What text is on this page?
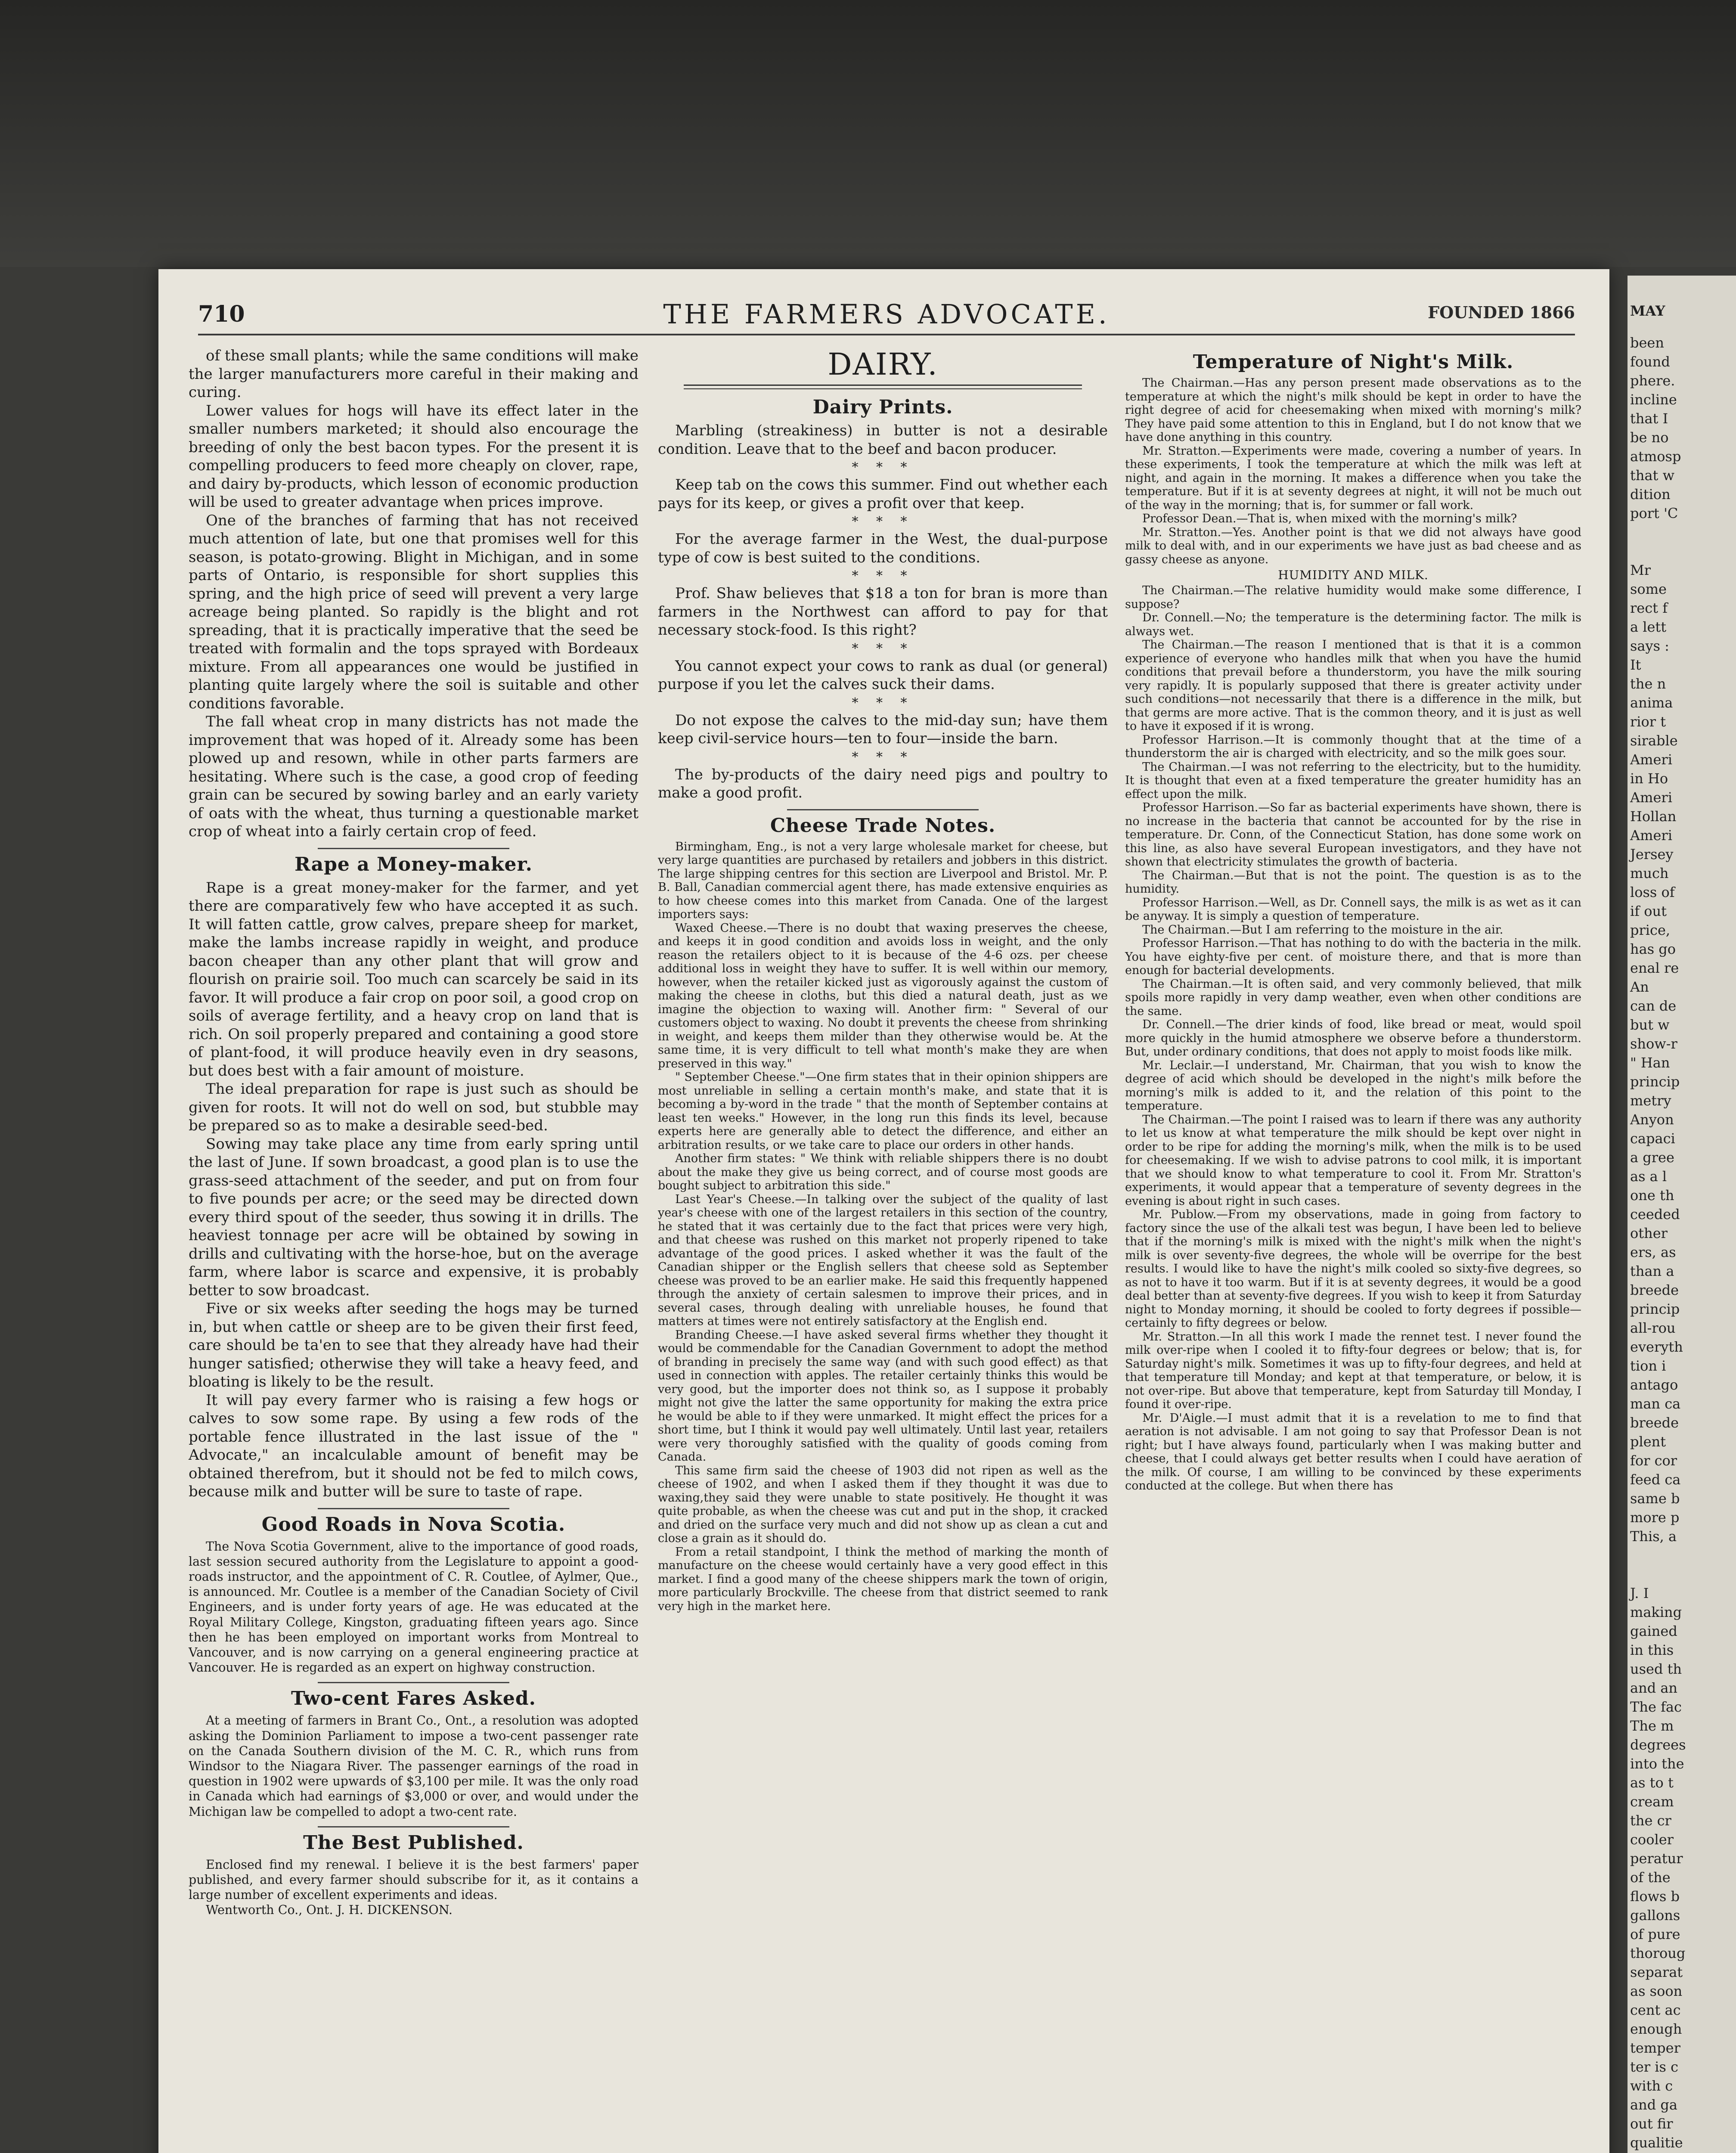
710	THE FARMERS ADVOCATE.	FOUNDED 1866

of these small plants; while the same conditions will make the larger manufacturers more careful in their making and curing.

Lower values for hogs will have its effect later in the smaller numbers marketed; it should also encourage the breeding of only the best bacon types. For the present it is compelling producers to feed more cheaply on clover, rape, and dairy by-products, which lesson of economic production will be used to greater advantage when prices improve.

One of the branches of farming that has not received much attention of late, but one that promises well for this season, is potato-growing. Blight in Michigan, and in some parts of Ontario, is responsible for short supplies this spring, and the high price of seed will prevent a very large acreage being planted. So rapidly is the blight and rot spreading, that it is practically imperative that the seed be treated with formalin and the tops sprayed with Bordeaux mixture. From all appearances one would be justified in planting quite largely where the soil is suitable and other conditions favorable.

The fall wheat crop in many districts has not made the improvement that was hoped of it. Already some has been plowed up and resown, while in other parts farmers are hesitating. Where such is the case, a good crop of feeding grain can be secured by sowing barley and an early variety of oats with the wheat, thus turning a questionable market crop of wheat into a fairly certain crop of feed.

Rape a Money-maker.

Rape is a great money-maker for the farmer, and yet there are comparatively few who have accepted it as such. It will fatten cattle, grow calves, prepare sheep for market, make the lambs increase rapidly in weight, and produce bacon cheaper than any other plant that will grow and flourish on prairie soil. Too much can scarcely be said in its favor. It will produce a fair crop on poor soil, a good crop on soils of average fertility, and a heavy crop on land that is rich. On soil properly prepared and containing a good store of plant-food, it will produce heavily even in dry seasons, but does best with a fair amount of moisture.

The ideal preparation for rape is just such as should be given for roots. It will not do well on sod, but stubble may be prepared so as to make a desirable seed-bed.

Sowing may take place any time from early spring until the last of June. If sown broadcast, a good plan is to use the grass-seed attachment of the seeder, and put on from four to five pounds per acre; or the seed may be directed down every third spout of the seeder, thus sowing it in drills. The heaviest tonnage per acre will be obtained by sowing in drills and cultivating with the horse-hoe, but on the average farm, where labor is scarce and expensive, it is probably better to sow broadcast.

Five or six weeks after seeding the hogs may be turned in, but when cattle or sheep are to be given their first feed, care should be ta'en to see that they already have had their hunger satisfied; otherwise they will take a heavy feed, and bloating is likely to be the result.

It will pay every farmer who is raising a few hogs or calves to sow some rape. By using a few rods of the portable fence illustrated in the last issue of the " Advocate," an incalculable amount of benefit may be obtained therefrom, but it should not be fed to milch cows, because milk and butter will be sure to taste of rape.

Good Roads in Nova Scotia.

The Nova Scotia Government, alive to the importance of good roads, last session secured authority from the Legislature to appoint a good-roads instructor, and the appointment of C. R. Coutlee, of Aylmer, Que., is announced. Mr. Coutlee is a member of the Canadian Society of Civil Engineers, and is under forty years of age. He was educated at the Royal Military College, Kingston, graduating fifteen years ago. Since then he has been employed on important works from Montreal to Vancouver, and is now carrying on a general engineering practice at Vancouver. He is regarded as an expert on highway construction.

Two-cent Fares Asked.

At a meeting of farmers in Brant Co., Ont., a resolution was adopted asking the Dominion Parliament to impose a two-cent passenger rate on the Canada Southern division of the M. C. R., which runs from Windsor to the Niagara River. The passenger earnings of the road in question in 1902 were upwards of $3,100 per mile. It was the only road in Canada which had earnings of $3,000 or over, and would under the Michigan law be compelled to adopt a two-cent rate.

The Best Published.

Enclosed find my renewal. I believe it is the best farmers' paper published, and every farmer should subscribe for it, as it contains a large number of excellent experiments and ideas.

Wentworth Co., Ont. J. H. DICKENSON.

DAIRY.
Dairy Prints.

Marbling (streakiness) in butter is not a desirable condition. Leave that to the beef and bacon producer.

* * *

Keep tab on the cows this summer. Find out whether each pays for its keep, or gives a profit over that keep.

* * *

For the average farmer in the West, the dual-purpose type of cow is best suited to the conditions.

* * *

Prof. Shaw believes that $18 a ton for bran is more than farmers in the Northwest can afford to pay for that necessary stock-food. Is this right?

* * *

You cannot expect your cows to rank as dual (or general) purpose if you let the calves suck their dams.

* * *

Do not expose the calves to the mid-day sun; have them keep civil-service hours—ten to four—inside the barn.

* * *

The by-products of the dairy need pigs and poultry to make a good profit.

Cheese Trade Notes.

Birmingham, Eng., is not a very large wholesale market for cheese, but very large quantities are purchased by retailers and jobbers in this district. The large shipping centres for this section are Liverpool and Bristol. Mr. P. B. Ball, Canadian commercial agent there, has made extensive enquiries as to how cheese comes into this market from Canada. One of the largest importers says:

Waxed Cheese.—There is no doubt that waxing preserves the cheese, and keeps it in good condition and avoids loss in weight, and the only reason the retailers object to it is because of the 4-6 ozs. per cheese additional loss in weight they have to suffer. It is well within our memory, however, when the retailer kicked just as vigorously against the custom of making the cheese in cloths, but this died a natural death, just as we imagine the objection to waxing will. Another firm: " Several of our customers object to waxing. No doubt it prevents the cheese from shrinking in weight, and keeps them milder than they otherwise would be. At the same time, it is very difficult to tell what month's make they are when preserved in this way."

" September Cheese."—One firm states that in their opinion shippers are most unreliable in selling a certain month's make, and state that it is becoming a by-word in the trade " that the month of September contains at least ten weeks." However, in the long run this finds its level, because experts here are generally able to detect the difference, and either an arbitration results, or we take care to place our orders in other hands.

Another firm states: " We think with reliable shippers there is no doubt about the make they give us being correct, and of course most goods are bought subject to arbitration this side."

Last Year's Cheese.—In talking over the subject of the quality of last year's cheese with one of the largest retailers in this section of the country, he stated that it was certainly due to the fact that prices were very high, and that cheese was rushed on this market not properly ripened to take advantage of the good prices. I asked whether it was the fault of the Canadian shipper or the English sellers that cheese sold as September cheese was proved to be an earlier make. He said this frequently happened through the anxiety of certain salesmen to improve their prices, and in several cases, through dealing with unreliable houses, he found that matters at times were not entirely satisfactory at the English end.

Branding Cheese.—I have asked several firms whether they thought it would be commendable for the Canadian Government to adopt the method of branding in precisely the same way (and with such good effect) as that used in connection with apples. The retailer certainly thinks this would be very good, but the importer does not think so, as I suppose it probably might not give the latter the same opportunity for making the extra price he would be able to if they were unmarked. It might effect the prices for a short time, but I think it would pay well ultimately. Until last year, retailers were very thoroughly satisfied with the quality of goods coming from Canada.

This same firm said the cheese of 1903 did not ripen as well as the cheese of 1902, and when I asked them if they thought it was due to waxing,they said they were unable to state positively. He thought it was quite probable, as when the cheese was cut and put in the shop, it cracked and dried on the surface very much and did not show up as clean a cut and close a grain as it should do.

From a retail standpoint, I think the method of marking the month of manufacture on the cheese would certainly have a very good effect in this market. I find a good many of the cheese shippers mark the town of origin, more particularly Brockville. The cheese from that district seemed to rank very high in the market here.

Temperature of Night's Milk.

The Chairman.—Has any person present made observations as to the temperature at which the night's milk should be kept in order to have the right degree of acid for cheesemaking when mixed with morning's milk? They have paid some attention to this in England, but I do not know that we have done anything in this country.

Mr. Stratton.—Experiments were made, covering a number of years. In these experiments, I took the temperature at which the milk was left at night, and again in the morning. It makes a difference when you take the temperature. But if it is at seventy degrees at night, it will not be much out of the way in the morning; that is, for summer or fall work.

Professor Dean.—That is, when mixed with the morning's milk?

Mr. Stratton.—Yes. Another point is that we did not always have good milk to deal with, and in our experiments we have just as bad cheese and as gassy cheese as anyone.

HUMIDITY AND MILK.

The Chairman.—The relative humidity would make some difference, I suppose?

Dr. Connell.—No; the temperature is the determining factor. The milk is always wet.

The Chairman.—The reason I mentioned that is that it is a common experience of everyone who handles milk that when you have the humid conditions that prevail before a thunderstorm, you have the milk souring very rapidly. It is popularly supposed that there is greater activity under such conditions—not necessarily that there is a difference in the milk, but that germs are more active. That is the common theory, and it is just as well to have it exposed if it is wrong.

Professor Harrison.—It is commonly thought that at the time of a thunderstorm the air is charged with electricity, and so the milk goes sour.

The Chairman.—I was not referring to the electricity, but to the humidity. It is thought that even at a fixed temperature the greater humidity has an effect upon the milk.

Professor Harrison.—So far as bacterial experiments have shown, there is no increase in the bacteria that cannot be accounted for by the rise in temperature. Dr. Conn, of the Connecticut Station, has done some work on this line, as also have several European investigators, and they have not shown that electricity stimulates the growth of bacteria.

The Chairman.—But that is not the point. The question is as to the humidity.

Professor Harrison.—Well, as Dr. Connell says, the milk is as wet as it can be anyway. It is simply a question of temperature.

The Chairman.—But I am referring to the moisture in the air.

Professor Harrison.—That has nothing to do with the bacteria in the milk. You have eighty-five per cent. of moisture there, and that is more than enough for bacterial developments.

The Chairman.—It is often said, and very commonly believed, that milk spoils more rapidly in very damp weather, even when other conditions are the same.

Dr. Connell.—The drier kinds of food, like bread or meat, would spoil more quickly in the humid atmosphere we observe before a thunderstorm. But, under ordinary conditions, that does not apply to moist foods like milk.

Mr. Leclair.—I understand, Mr. Chairman, that you wish to know the degree of acid which should be developed in the night's milk before the morning's milk is added to it, and the relation of this point to the temperature.

The Chairman.—The point I raised was to learn if there was any authority to let us know at what temperature the milk should be kept over night in order to be ripe for adding the morning's milk, when the milk is to be used for cheesemaking. If we wish to advise patrons to cool milk, it is important that we should know to what temperature to cool it. From Mr. Stratton's experiments, it would appear that a temperature of seventy degrees in the evening is about right in such cases.

Mr. Publow.—From my observations, made in going from factory to factory since the use of the alkali test was begun, I have been led to believe that if the morning's milk is mixed with the night's milk when the night's milk is over seventy-five degrees, the whole will be overripe for the best results. I would like to have the night's milk cooled so sixty-five degrees, so as not to have it too warm. But if it is at seventy degrees, it would be a good deal better than at seventy-five degrees. If you wish to keep it from Saturday night to Monday morning, it should be cooled to forty degrees if possible—certainly to fifty degrees or below.

Mr. Stratton.—In all this work I made the rennet test. I never found the milk over-ripe when I cooled it to fifty-four degrees or below; that is, for Saturday night's milk. Sometimes it was up to fifty-four degrees, and held at that temperature till Monday; and kept at that temperature, or below, it is not over-ripe. But above that temperature, kept from Saturday till Monday, I found it over-ripe.

Mr. D'Aigle.—I must admit that it is a revelation to me to find that aeration is not advisable. I am not going to say that Professor Dean is not right; but I have always found, particularly when I was making butter and cheese, that I could always get better results when I could have aeration of the milk. Of course, I am willing to be convinced by these experiments conducted at the college. But when there has

MAY
been
found
phere.
incline
that I
be no
atmosp
that w
dition
port 'C

Mr
some
rect f
a lett
says :
It
the n
anima
rior t
sirable
Ameri
in Ho
Ameri
Hollan
Ameri
Jersey
much
loss of
if out
price,
has go
enal re
An
can de
but w
show-r
" Han
princip
metry
Anyon
capaci
a gree
as a l
one th
ceeded
other
ers, as
than a
breede
princip
all-rou
everyth
tion i
antago
man ca
breede
plent
for cor
feed ca
same b
more p
This, a

J. I
making
gained
in this
used th
and an
The fac
The m
degrees
into the
as to t
cream
the cr
cooler
peratur
of the
flows b
gallons
of pure
thoroug
separat
as soon
cent ac
enough
temper
ter is c
with c
and ga
out fir
qualitie
